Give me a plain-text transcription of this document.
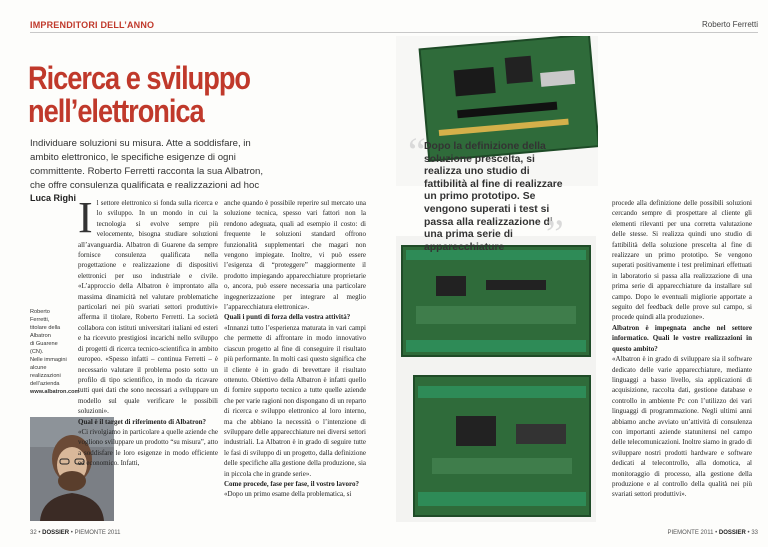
IMPRENDITORI DELL’ANNO	Roberto Ferretti
Ricerca e sviluppo
nell’elettronica
Individuare soluzioni su misura. Atte a soddisfare, in ambito elettronico, le specifiche esigenze di ogni committente. Roberto Ferretti racconta la sua Albatron, che offre consulenza qualificata e realizzazioni ad hoc
Luca Righi
Roberto Ferretti,
titolare della Albatron
di Guarene (CN).
Nelle immagini
alcune realizzazioni
dell’azienda
www.albatron.com
I l settore elettronico si fonda sulla ricerca e lo sviluppo. In un mondo in cui la tecnologia si evolve sempre più velocemente, bisogna studiare soluzioni all’avanguardia. Albatron di Guarene da sempre fornisce consulenza qualificata nella progettazione e realizzazione di dispositivi elettronici per uso industriale e civile. «L’approccio della Albatron è improntato alla massima dinamicità nel valutare problematiche particolari nei più svariati settori produttivi» afferma il titolare, Roberto Ferretti. La società collabora con istituti universitari italiani ed esteri e ha ricevuto prestigiosi incarichi nello sviluppo di progetti di ricerca tecnico-scientifica in ambito europeo. «Spesso infatti – continua Ferretti – è necessario valutare il problema posto sotto un profilo di tipo scientifico, in modo da ricavare tutti quei dati che sono necessari a sviluppare un modello sul quale verificare le possibili soluzioni».

Qual è il target di riferimento di Albatron?

«Ci rivolgiamo in particolare a quelle aziende che vogliono sviluppare un prodotto “su misura”, atto a soddisfare le loro esigenze in modo efficiente ed economico. Infatti,

anche quando è possibile reperire sul mercato una soluzione tecnica, spesso vari fattori non la rendono adeguata, quali ad esempio il costo: di frequente le soluzioni standard offrono funzionalità supplementari che magari non vengono impiegate. Inoltre, vi può essere l’esigenza di “proteggere” maggiormente il prodotto impiegando apparecchiature proprietarie o, ancora, può essere necessaria una particolare ingegnerizzazione per integrare al meglio l’apparecchiatura elettronica».

Quali i punti di forza della vostra attività?

«Innanzi tutto l’esperienza maturata in vari campi che permette di affrontare in modo innovativo ciascun progetto al fine di conseguire il risultato più performante. In molti casi questo significa che il cliente è in grado di brevettare il risultato ottenuto. Obiettivo della Albatron è infatti quello di fornire supporto tecnico a tutte quelle aziende che per varie ragioni non dispongano di un reparto di ricerca e sviluppo elettronico al loro interno, ma che abbiano la necessità o l’intenzione di sviluppare delle apparecchiature nei diversi settori industriali. La Albatron è in grado di seguire tutte le fasi di sviluppo di un progetto, dalla definizione delle specifiche alla gestione della produzione, sia in piccola che in grande serie».

Come procede, fase per fase, il vostro lavoro?

«Dopo un primo esame della problematica, si

“
Dopo la definizione della soluzione prescelta, si realizza uno studio di fattibilità al fine di realizzare un primo prototipo. Se vengono superati i test si passa alla realizzazione di una prima serie di apparecchiature	”

procede alla definizione delle possibili soluzioni cercando sempre di prospettare al cliente gli elementi rilevanti per una corretta valutazione delle stesse. Si realizza quindi uno studio di fattibilità della soluzione prescelta al fine di realizzare un primo prototipo. Se vengono superati positivamente i test preliminari effettuati in laboratorio si passa alla realizzazione di una prima serie di apparecchiature da installare sul campo. Dopo le eventuali migliorie apportate a seguito del feedback delle prove sul campo, si procede quindi alla produzione».

Albatron è impegnata anche nel settore informatico. Quali le vostre realizzazioni in questo ambito?

«Albatron è in grado di sviluppare sia il software dedicato delle varie apparecchiature, mediante linguaggi a basso livello, sia applicazioni di acquisizione, raccolta dati, gestione database e controllo in ambiente Pc con l’utilizzo dei vari linguaggi di programmazione. Negli ultimi anni abbiamo anche avviato un’attività di consulenza con importanti aziende statunitensi nel campo delle telecomunicazioni. Inoltre siamo in grado di sviluppare nostri prodotti hardware e software dedicati al telecontrollo, alla domotica, al monitoraggio di processo, alla gestione della produzione e al controllo della qualità nei più svariati settori produttivi».

32 • DOSSIER • PIEMONTE 2011	PIEMONTE 2011 • DOSSIER • 33
